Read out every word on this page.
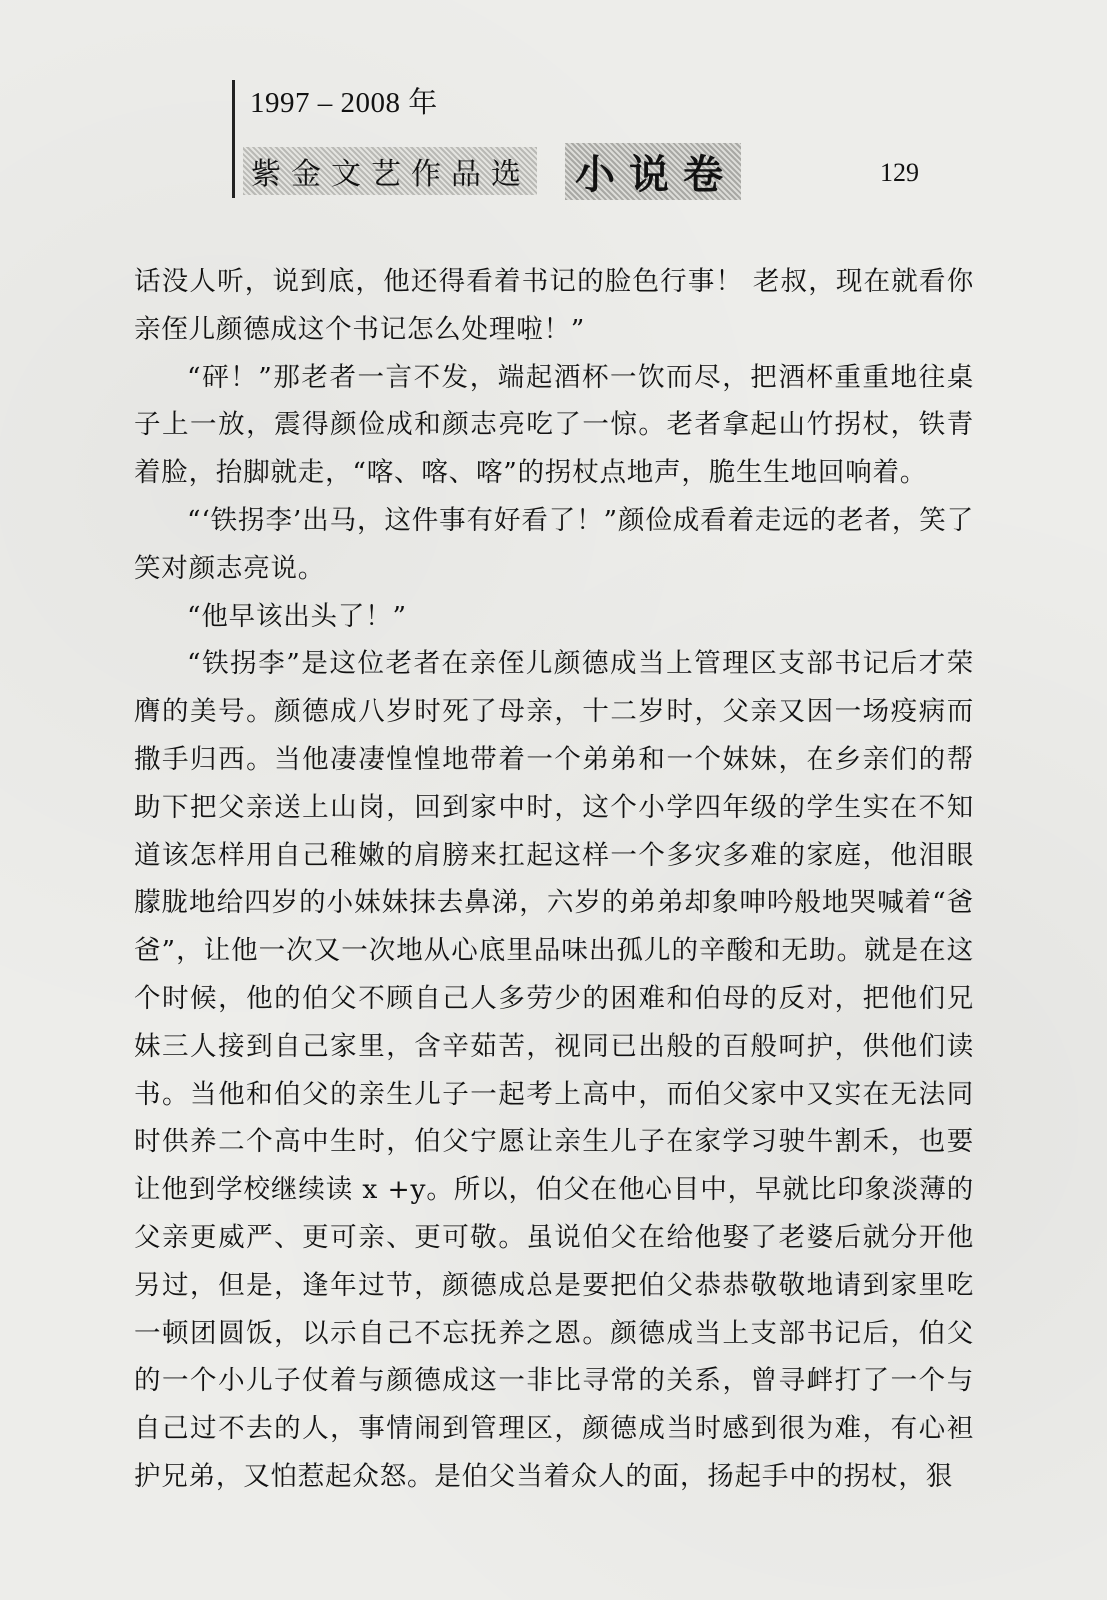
1997 – 2008 年
紫金文艺作品选 小说卷	129

话没人听，说到底，他还得看着书记的脸色行事！ 老叔，现在就看你亲侄儿颜德成这个书记怎么处理啦！”

“砰！”那老者一言不发，端起酒杯一饮而尽，把酒杯重重地往桌子上一放，震得颜俭成和颜志亮吃了一惊。老者拿起山竹拐杖，铁青着脸，抬脚就走，“喀、喀、喀”的拐杖点地声，脆生生地回响着。

“‘铁拐李’出马，这件事有好看了！”颜俭成看着走远的老者，笑了笑对颜志亮说。

“他早该出头了！”

“铁拐李”是这位老者在亲侄儿颜德成当上管理区支部书记后才荣膺的美号。颜德成八岁时死了母亲，十二岁时，父亲又因一场疫病而撒手归西。当他凄凄惶惶地带着一个弟弟和一个妹妹，在乡亲们的帮助下把父亲送上山岗，回到家中时，这个小学四年级的学生实在不知道该怎样用自己稚嫩的肩膀来扛起这样一个多灾多难的家庭，他泪眼朦胧地给四岁的小妹妹抹去鼻涕，六岁的弟弟却象呻吟般地哭喊着“爸爸”，让他一次又一次地从心底里品味出孤儿的辛酸和无助。就是在这个时候，他的伯父不顾自己人多劳少的困难和伯母的反对，把他们兄妹三人接到自己家里，含辛茹苦，视同已出般的百般呵护，供他们读书。当他和伯父的亲生儿子一起考上高中，而伯父家中又实在无法同时供养二个高中生时，伯父宁愿让亲生儿子在家学习驶牛割禾，也要让他到学校继续读 x +y。所以，伯父在他心目中，早就比印象淡薄的父亲更威严、更可亲、更可敬。虽说伯父在给他娶了老婆后就分开他另过，但是，逢年过节，颜德成总是要把伯父恭恭敬敬地请到家里吃一顿团圆饭，以示自己不忘抚养之恩。颜德成当上支部书记后，伯父的一个小儿子仗着与颜德成这一非比寻常的关系，曾寻衅打了一个与自己过不去的人，事情闹到管理区，颜德成当时感到很为难，有心袒护兄弟，又怕惹起众怒。是伯父当着众人的面，扬起手中的拐杖，狠
